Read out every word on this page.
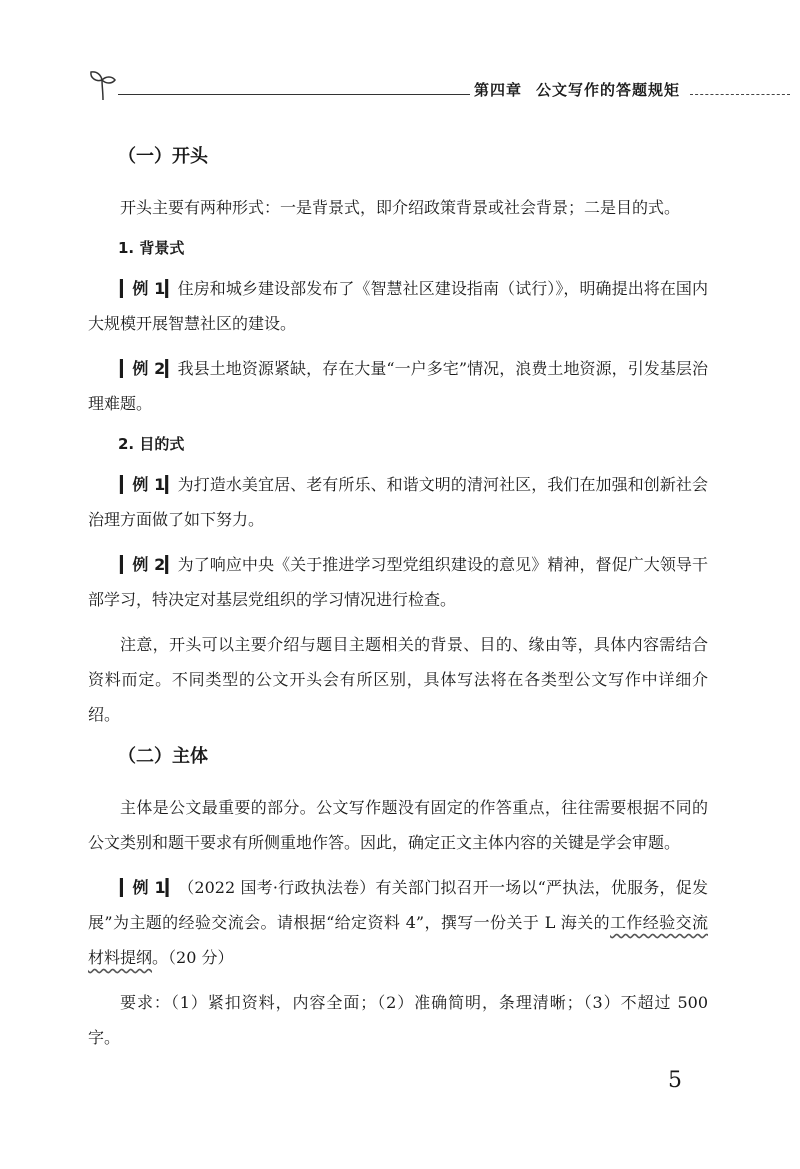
第四章 公文写作的答题规矩
（一）开头

开头主要有两种形式：一是背景式，即介绍政策背景或社会背景；二是目的式。

1. 背景式

▎ 例 1 ▎ 住房和城乡建设部发布了《智慧社区建设指南（试行）》，明确提出将在国内大规模开展智慧社区的建设。

▎ 例 2 ▎ 我县土地资源紧缺，存在大量“一户多宅”情况，浪费土地资源，引发基层治理难题。

2. 目的式

▎ 例 1 ▎ 为打造水美宜居、老有所乐、和谐文明的清河社区，我们在加强和创新社会治理方面做了如下努力。

▎ 例 2 ▎ 为了响应中央《关于推进学习型党组织建设的意见》精神，督促广大领导干部学习，特决定对基层党组织的学习情况进行检查。

注意，开头可以主要介绍与题目主题相关的背景、目的、缘由等，具体内容需结合资料而定。不同类型的公文开头会有所区别，具体写法将在各类型公文写作中详细介绍。

（二）主体

主体是公文最重要的部分。公文写作题没有固定的作答重点，往往需要根据不同的公文类别和题干要求有所侧重地作答。因此，确定正文主体内容的关键是学会审题。

▎ 例 1 ▎ （2022 国考·行政执法卷）有关部门拟召开一场以“严执法，优服务，促发展”为主题的经验交流会。请根据“给定资料 4”，撰写一份关于 L 海关的工作经验交流材料提纲。（20 分）

要求：（1）紧扣资料，内容全面；（2）准确简明，条理清晰；（3）不超过 500 字。

5
